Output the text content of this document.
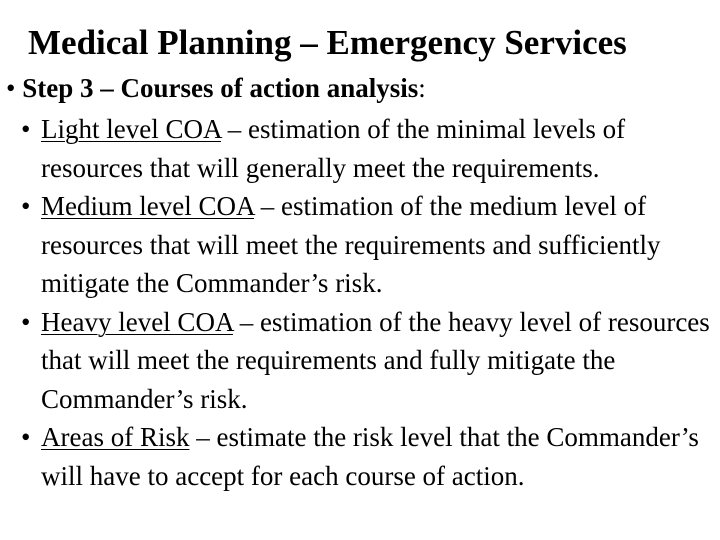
Medical Planning – Emergency Services
• Step 3 – Courses of action analysis:
• Light level COA – estimation of the minimal levels of resources that will generally meet the requirements.
• Medium level COA – estimation of the medium level of resources that will meet the requirements and sufficiently mitigate the Commander’s risk.
• Heavy level COA – estimation of the heavy level of resources that will meet the requirements and fully mitigate the Commander’s risk.
• Areas of Risk – estimate the risk level that the Commander’s will have to accept for each course of action.
